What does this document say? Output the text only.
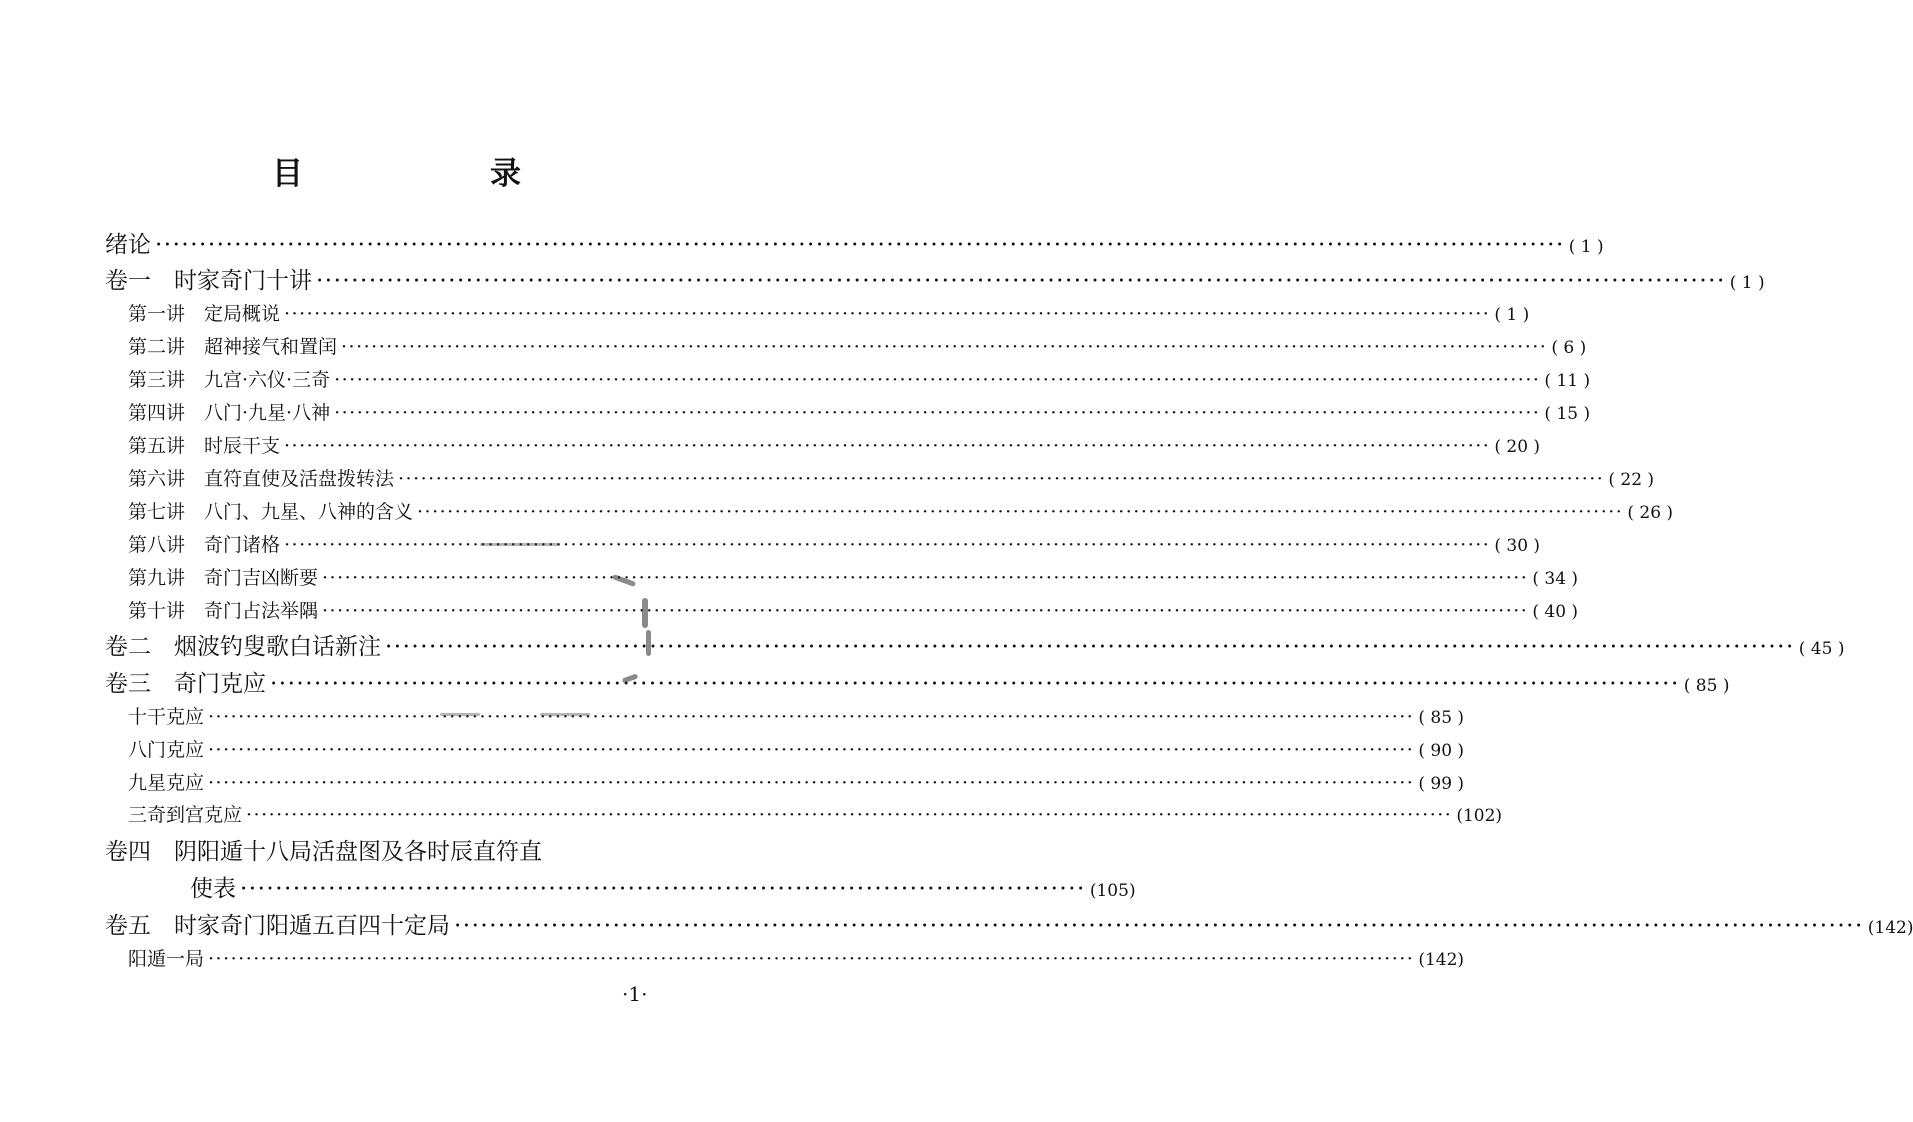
目　录
绪论 ·····	( 1 )
卷一　时家奇门十讲 ·····	( 1 )
第一讲　定局概说 ·····	( 1 )
第二讲　超神接气和置闰 ·····	( 6 )
第三讲　九宫·六仪·三奇 ·····	( 11 )
第四讲　八门·九星·八神 ·····	( 15 )
第五讲　时辰干支 ·····	( 20 )
第六讲　直符直使及活盘拨转法 ·····	( 22 )
第七讲　八门、九星、八神的含义 ·····	( 26 )
第八讲　奇门诸格 ·····	( 30 )
第九讲　奇门吉凶断要 ·····	( 34 )
第十讲　奇门占法举隅 ·····	( 40 )
卷二　烟波钓叟歌白话新注 ·····	( 45 )
卷三　奇门克应 ·····	( 85 )
十干克应 ·····	( 85 )
八门克应 ·····	( 90 )
九星克应 ·····	( 99 )
三奇到宫克应 ·····	(102)
卷四　阴阳遁十八局活盘图及各时辰直符直
使表 ································································································ (105)
卷五　时家奇门阳遁五百四十定局 ·····	(142)
阳遁一局 ·····	(142)
·1·
